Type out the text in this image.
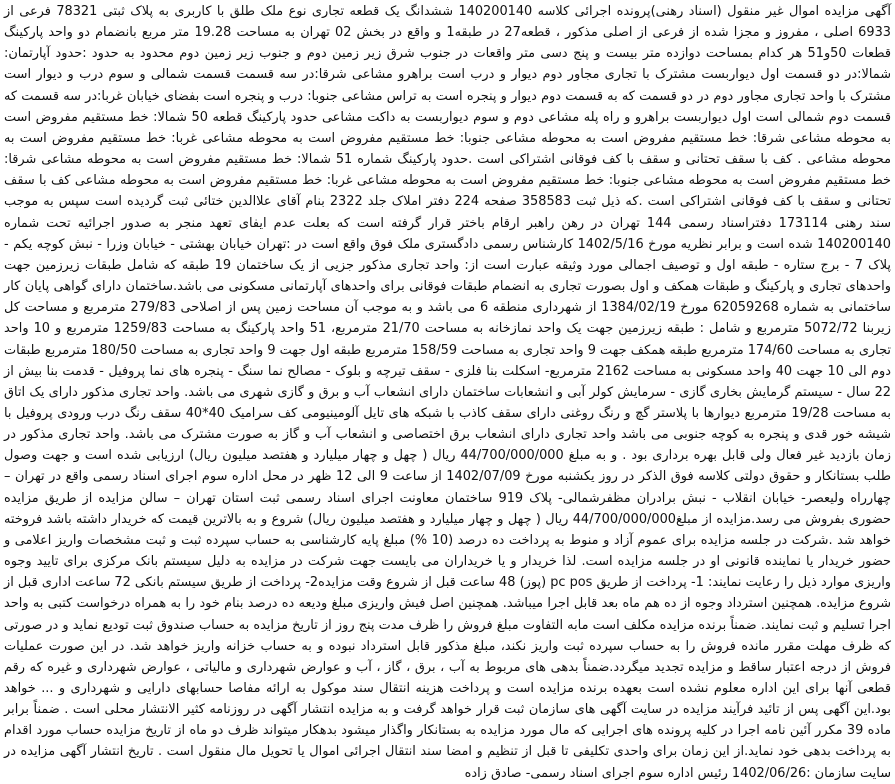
آگهی مزایده اموال غیر منقول (اسناد رهنی)پرونده اجرائی کلاسه 140200140 ششدانگ یک قطعه تجاری نوع ملک طلق با کاربری به پلاک ثبتی 78321 فرعی از 6933 اصلی ، مفروز و مجزا شده از فرعی از اصلی مذکور ، قطعه27 در طبقه1 و واقع در بخش 02 تهران به مساحت 19.28 متر مربع بانضمام دو واحد پارکینگ قطعات 50و51 هر کدام بمساحت دوازده متر بیست و پنج دسی متر واقعات در جنوب شرق زیر زمین دوم و جنوب زیر زمین دوم محدود به حدود :حدود آپارتمان: شمالا:در دو قسمت اول دیواربست مشترک با تجاری مجاور دوم دیوار و درب است براهرو مشاعی شرقا:در سه قسمت قسمت شمالی و سوم درب و دیوار است مشترک با واحد تجاری مجاور دوم در دو قسمت که به قسمت دوم دیوار و پنجره است به تراس مشاعی جنوبا: درب و پنجره است بفضای خیابان غربا:در سه قسمت که قسمت دوم شمالی است اول دیواربست براهرو و راه پله مشاعی دوم و سوم دیواربست به داکت مشاعی حدود پارکینگ قطعه 50 شمالا: خط مستقیم مفروض است به محوطه مشاعی شرقا: خط مستقیم مفروض است به محوطه مشاعی جنوبا: خط مستقیم مفروض است به محوطه مشاعی غربا: خط مستقیم مفروض است به محوطه مشاعی . کف با سقف تحتانی و سقف با کف فوقانی اشتراکی است .حدود پارکینگ شماره 51 شمالا: خط مستقیم مفروض است به محوطه مشاعی شرقا: خط مستقیم مفروض است به محوطه مشاعی جنوبا: خط مستقیم مفروض است به محوطه مشاعی غربا: خط مستقیم مفروض است به محوطه مشاعی کف با سقف تحتانی و سقف با کف فوقانی اشتراکی است .که ذیل ثبت 358583 صفحه 224 دفتر املاک جلد 2322 بنام آقای علاالدین ختائی ثبت گردیده است سپس به موجب سند رهنی 173114 دفتراسناد رسمی 144 تهران در رهن راهبر ارقام باختر قرار گرفته است که بعلت عدم ایفای تعهد منجر به صدور اجرائیه تحت شماره 140200140 شده است و برابر نظریه مورخ 1402/5/16 کارشناس رسمی دادگستری ملک فوق واقع است در :تهران خیابان بهشتی - خیابان وزرا - نبش کوچه یکم - پلاک 7 - برج ستاره - طبقه اول و توصیف اجمالی مورد وثیقه عبارت است از: واحد تجاری مذکور جزیی از یک ساختمان 19 طبقه که شامل طبقات زیرزمین جهت واحدهای تجاری و پارکینگ و طبقات همکف و اول بصورت تجاری به انضمام طبقات فوقانی برای واحدهای آپارتمانی مسکونی می باشد.ساختمان دارای گواهی پایان کار ساختمانی به شماره 62059268 مورخ 1384/02/19 از شهرداری منطقه 6 می باشد و به موجب آن مساحت زمین پس از اصلاحی 279/83 مترمربع و مساحت کل زیربنا 5072/72 مترمربع و شامل : طبقه زیرزمین جهت یک واحد نمازخانه به مساحت 21/70 مترمربع، 51 واحد پارکینگ به مساحت 1259/83 مترمربع و 10 واحد تجاری به مساحت 174/60 مترمربع طبقه همکف جهت 9 واحد تجاری به مساحت 158/59 مترمربع طبقه اول جهت 9 واحد تجاری به مساحت 180/50 مترمربع طبقات دوم الی 10 جهت 40 واحد مسکونی به مساحت 2162 مترمربع- اسکلت بنا فلزی - سقف تیرچه و بلوک - مصالح نما سنگ - پنجره های نما پروفیل - قدمت بنا بیش از 22 سال - سیستم گرمایش بخاری گازی - سرمایش کولر آبی و انشعابات ساختمان دارای انشعاب آب و برق و گازی شهری می باشد. واحد تجاری مذکور دارای یک اتاق به مساحت 19/28 مترمربع دیوارها با پلاستر گچ و رنگ روغنی دارای سقف کاذب با شبکه های تایل آلومینیومی کف سرامیک 40*40 سقف رنگ درب ورودی پروفیل با شیشه خور قدی و پنجره به کوچه جنوبی می باشد واحد تجاری دارای انشعاب برق اختصاصی و انشعاب آب و گاز به صورت مشترک می باشد. واحد تجاری مذکور در زمان بازدید غیر فعال ولی قابل بهره برداری بود . و به مبلغ 44/700/000/000 ریال ( چهل و چهار میلیارد و هفتصد میلیون ریال) ارزیابی شده است و جهت وصول طلب بستانکار و حقوق دولتی کلاسه فوق الذکر در روز یکشنبه مورخ 1402/07/09 از ساعت 9 الی 12 ظهر در محل اداره سوم اجرای اسناد رسمی واقع در تهران – چهارراه ولیعصر- خیابان انقلاب - نبش برادران مظفرشمالی- پلاک 919 ساختمان معاونت اجرای اسناد رسمی ثبت استان تهران – سالن مزایده از طریق مزایده حضوری بفروش می رسد.مزایده از مبلغ44/700/000/000 ریال ( چهل و چهار میلیارد و هفتصد میلیون ریال) شروع و به بالاترین قیمت که خریدار داشته باشد فروخته خواهد شد .شرکت در جلسه مزایده برای عموم آزاد و منوط به پرداخت ده درصد (10 %) مبلغ پایه کارشناسی به حساب سپرده ثبت و ثبت مشخصات واریز اعلامی و حضور خریدار یا نماینده قانونی او در جلسه مزایده است. لذا خریدار و یا خریداران می بایست جهت شرکت در مزایده به دلیل سیستم بانک مرکزی برای تایید وجوه واریزی موارد ذیل را رعایت نمایند: 1- پرداخت از طریق pc pos (پوز) 48 ساعت قبل از شروع وقت مزایده2- پرداخت از طریق سیستم بانکی 72 ساعت اداری قبل از شروع مزایده. همچنین استرداد وجوه از ده هم ماه بعد قابل اجرا میباشد. همچنین اصل فیش واریزی مبلغ ودیعه ده درصد بنام خود را به همراه درخواست کتبی به واحد اجرا تسلیم و ثبت نمایند. ضمناً برنده مزایده مکلف است مابه التفاوت مبلغ فروش را ظرف مدت پنج روز از تاریخ مزایده به حساب صندوق ثبت تودیع نماید و در صورتی که ظرف مهلت مقرر مانده فروش را به حساب سپرده ثبت واریز نکند، مبلغ مذکور قابل استرداد نبوده و به حساب خزانه واریز خواهد شد. در این صورت عملیات فروش از درجه اعتبار ساقط و مزایده تجدید میگردد.ضمناً بدهی های مربوط به آب ، برق ، گاز ، آب و عوارض شهرداری و مالیاتی ، عوارض شهرداری و غیره که رقم قطعی آنها برای این اداره معلوم نشده است بعهده برنده مزایده است و پرداخت هزینه انتقال سند موکول به ارائه مفاصا حسابهای دارایی و شهرداری و ... خواهد بود.این آگهی پس از تائید فرآیند مزایده در سایت آگهی های سازمان ثبت قرار خواهد گرفت و به مزایده انتشار آگهی در روزنامه کثیر الانتشار محلی است . ضمناً برابر ماده 39 مکرر آئین نامه اجرا در کلیه پرونده های اجرایی که مال مورد مزایده به بستانکار واگذار میشود بدهکار میتواند ظرف دو ماه از تاریخ مزایده حساب مورد اقدام به پرداخت بدهی خود نماید.از این زمان برای واحدی تکلیفی تا قبل از تنظیم و امضا سند انتقال اجرائی اموال یا تحویل مال منقول است . تاریخ انتشار آگهی مزایده در سایت سازمان :1402/06/26 رئیس اداره سوم اجرای اسناد رسمی- صادق زاده
